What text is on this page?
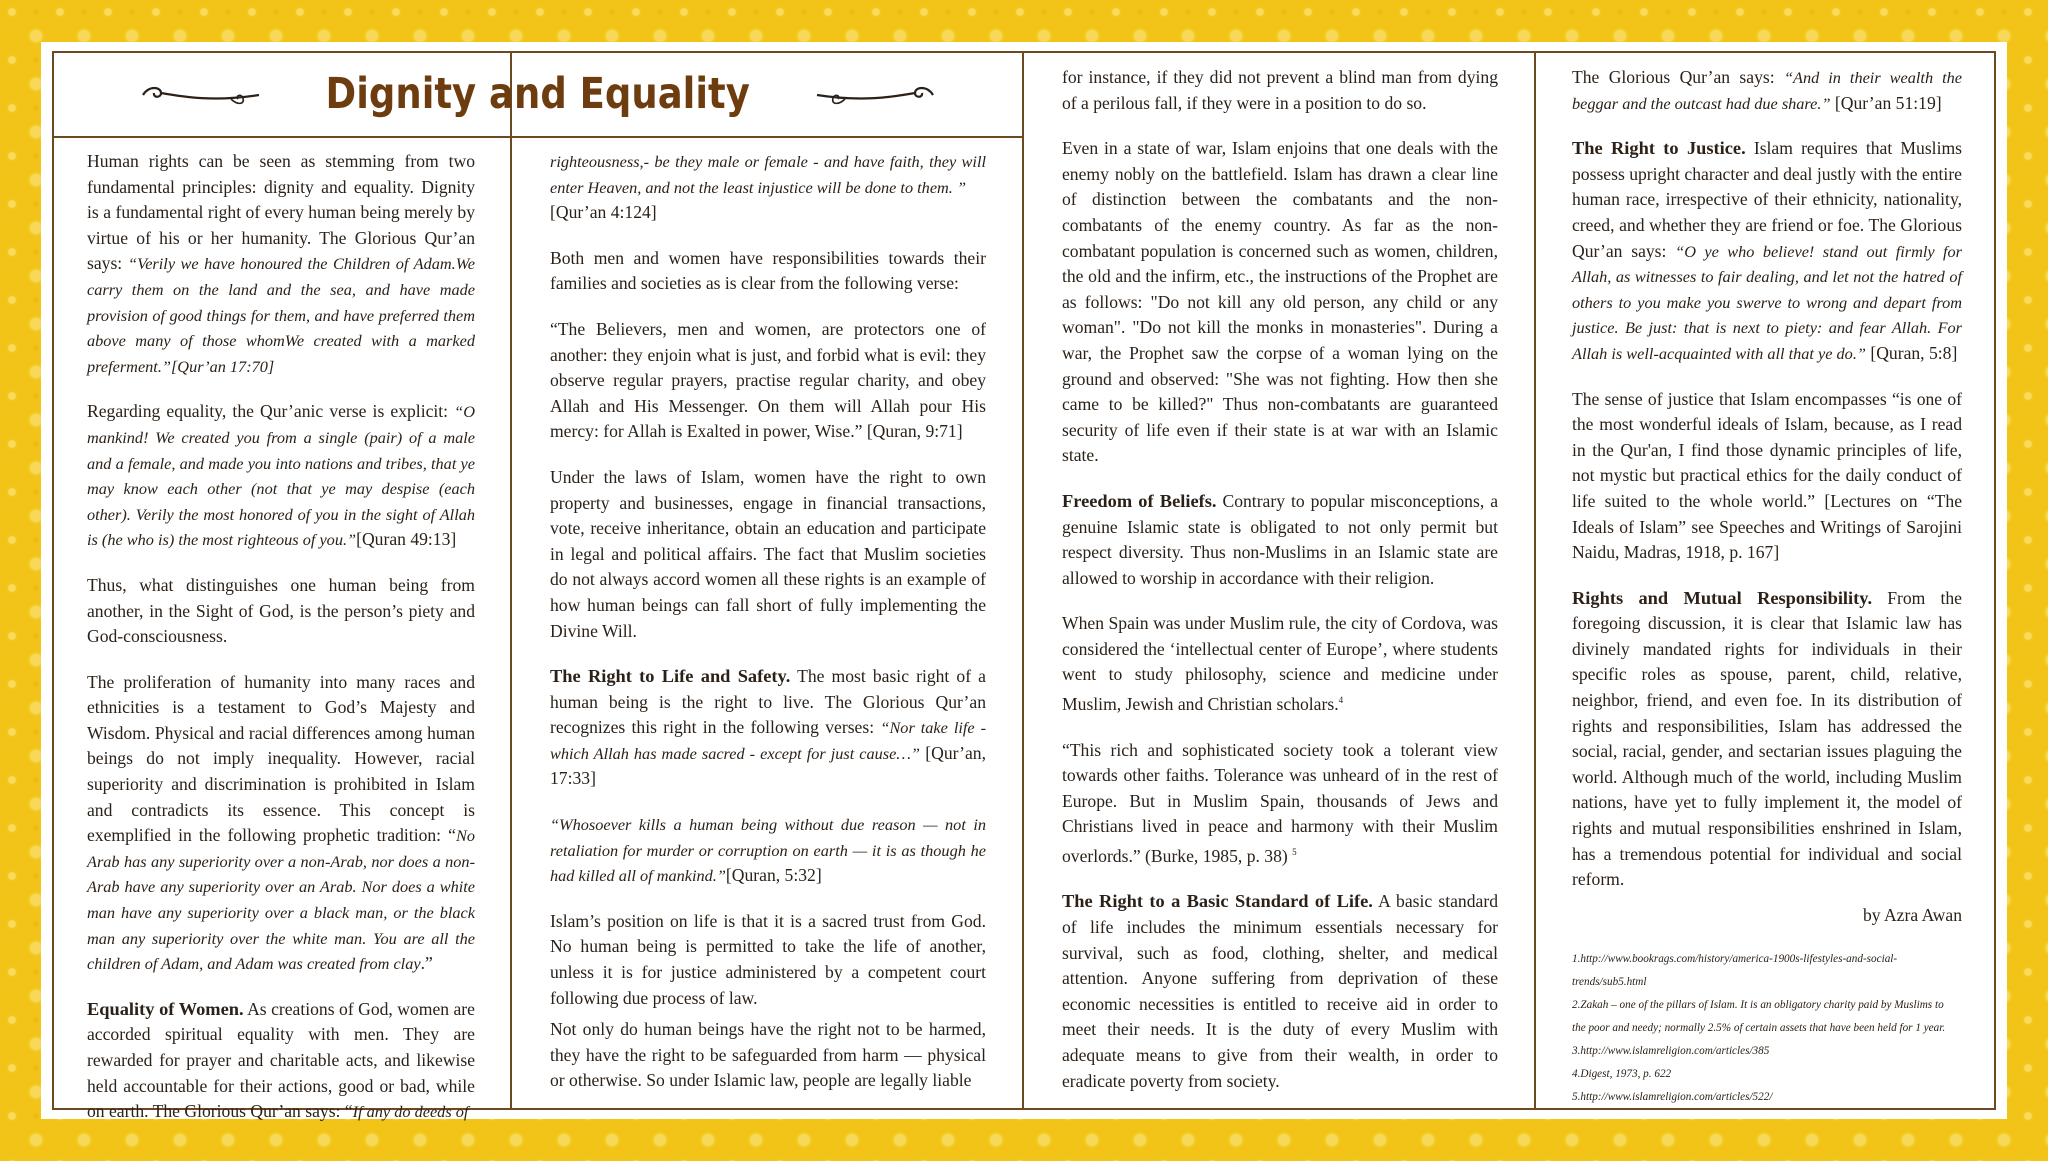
Dignity and Equality

Human rights can be seen as stemming from two fundamental principles: dignity and equality. Dignity is a fundamental right of every human being merely by virtue of his or her humanity. The Glorious Qur’an says: “Verily we have honoured the Children of Adam.We carry them on the land and the sea, and have made provision of good things for them, and have preferred them above many of those whomWe created with a marked preferment.”[Qur’an 17:70]

Regarding equality, the Qur’anic verse is explicit: “O mankind! We created you from a single (pair) of a male and a female, and made you into nations and tribes, that ye may know each other (not that ye may despise (each other). Verily the most honored of you in the sight of Allah is (he who is) the most righteous of you.”[Quran 49:13]

Thus, what distinguishes one human being from another, in the Sight of God, is the person’s piety and God-consciousness.

The proliferation of humanity into many races and ethnicities is a testament to God’s Majesty and Wisdom. Physical and racial differences among human beings do not imply inequality. However, racial superiority and discrimination is prohibited in Islam and contradicts its essence. This concept is exemplified in the following prophetic tradition: “No Arab has any superiority over a non-Arab, nor does a non-Arab have any superiority over an Arab. Nor does a white man have any superiority over a black man, or the black man any superiority over the white man. You are all the children of Adam, and Adam was created from clay.”

Equality of Women. As creations of God, women are accorded spiritual equality with men. They are rewarded for prayer and charitable acts, and likewise held accountable for their actions, good or bad, while on earth. The Glorious Qur’an says: “If any do deeds of

righteousness,- be they male or female - and have faith, they will enter Heaven, and not the least injustice will be done to them. ”
[Qur’an 4:124]

Both men and women have responsibilities towards their families and societies as is clear from the following verse:

“The Believers, men and women, are protectors one of another: they enjoin what is just, and forbid what is evil: they observe regular prayers, practise regular charity, and obey Allah and His Messenger. On them will Allah pour His mercy: for Allah is Exalted in power, Wise.” [Quran, 9:71]

Under the laws of Islam, women have the right to own property and businesses, engage in financial transactions, vote, receive inheritance, obtain an education and participate in legal and political affairs. The fact that Muslim societies do not always accord women all these rights is an example of how human beings can fall short of fully implementing the Divine Will.

The Right to Life and Safety. The most basic right of a human being is the right to live. The Glorious Qur’an recognizes this right in the following verses: “Nor take life - which Allah has made sacred - except for just cause…” [Qur’an, 17:33]

“Whosoever kills a human being without due reason — not in retaliation for murder or corruption on earth — it is as though he had killed all of mankind.”[Quran, 5:32]

Islam’s position on life is that it is a sacred trust from God. No human being is permitted to take the life of another, unless it is for justice administered by a competent court following due process of law.

Not only do human beings have the right not to be harmed, they have the right to be safeguarded from harm — physical or otherwise. So under Islamic law, people are legally liable

for instance, if they did not prevent a blind man from dying of a perilous fall, if they were in a position to do so.

Even in a state of war, Islam enjoins that one deals with the enemy nobly on the battlefield. Islam has drawn a clear line of distinction between the combatants and the non-combatants of the enemy country. As far as the non-combatant population is concerned such as women, children, the old and the infirm, etc., the instructions of the Prophet are as follows: "Do not kill any old person, any child or any woman". "Do not kill the monks in monasteries". During a war, the Prophet saw the corpse of a woman lying on the ground and observed: "She was not fighting. How then she came to be killed?" Thus non-combatants are guaranteed security of life even if their state is at war with an Islamic state.

Freedom of Beliefs. Contrary to popular misconceptions, a genuine Islamic state is obligated to not only permit but respect diversity. Thus non-Muslims in an Islamic state are allowed to worship in accordance with their religion.

When Spain was under Muslim rule, the city of Cordova, was considered the ‘intellectual center of Europe’, where students went to study philosophy, science and medicine under Muslim, Jewish and Christian scholars.$^4$

“This rich and sophisticated society took a tolerant view towards other faiths. Tolerance was unheard of in the rest of Europe. But in Muslim Spain, thousands of Jews and Christians lived in peace and harmony with their Muslim overlords.” (Burke, 1985, p. 38) $^5$

The Right to a Basic Standard of Life. A basic standard of life includes the minimum essentials necessary for survival, such as food, clothing, shelter, and medical attention. Anyone suffering from deprivation of these economic necessities is entitled to receive aid in order to meet their needs. It is the duty of every Muslim with adequate means to give from their wealth, in order to eradicate poverty from society.

The Glorious Qur’an says: “And in their wealth the beggar and the outcast had due share.” [Qur’an 51:19]

The Right to Justice. Islam requires that Muslims possess upright character and deal justly with the entire human race, irrespective of their ethnicity, nationality, creed, and whether they are friend or foe. The Glorious Qur’an says: “O ye who believe! stand out firmly for Allah, as witnesses to fair dealing, and let not the hatred of others to you make you swerve to wrong and depart from justice. Be just: that is next to piety: and fear Allah. For Allah is well-acquainted with all that ye do.” [Quran, 5:8]

The sense of justice that Islam encompasses “is one of the most wonderful ideals of Islam, because, as I read in the Qur'an, I find those dynamic principles of life, not mystic but practical ethics for the daily conduct of life suited to the whole world.” [Lectures on “The Ideals of Islam” see Speeches and Writings of Sarojini Naidu, Madras, 1918, p. 167]

Rights and Mutual Responsibility. From the foregoing discussion, it is clear that Islamic law has divinely mandated rights for individuals in their specific roles as spouse, parent, child, relative, neighbor, friend, and even foe. In its distribution of rights and responsibilities, Islam has addressed the social, racial, gender, and sectarian issues plaguing the world. Although much of the world, including Muslim nations, have yet to fully implement it, the model of rights and mutual responsibilities enshrined in Islam, has a tremendous potential for individual and social reform.

by Azra Awan

1.http://www.bookrags.com/history/america-1900s-lifestyles-and-social-
trends/sub5.html
2.Zakah – one of the pillars of Islam. It is an obligatory charity paid by Muslims to
the poor and needy; normally 2.5% of certain assets that have been held for 1 year.
3.http://www.islamreligion.com/articles/385
4.Digest, 1973, p. 622
5.http://www.islamreligion.com/articles/522/
